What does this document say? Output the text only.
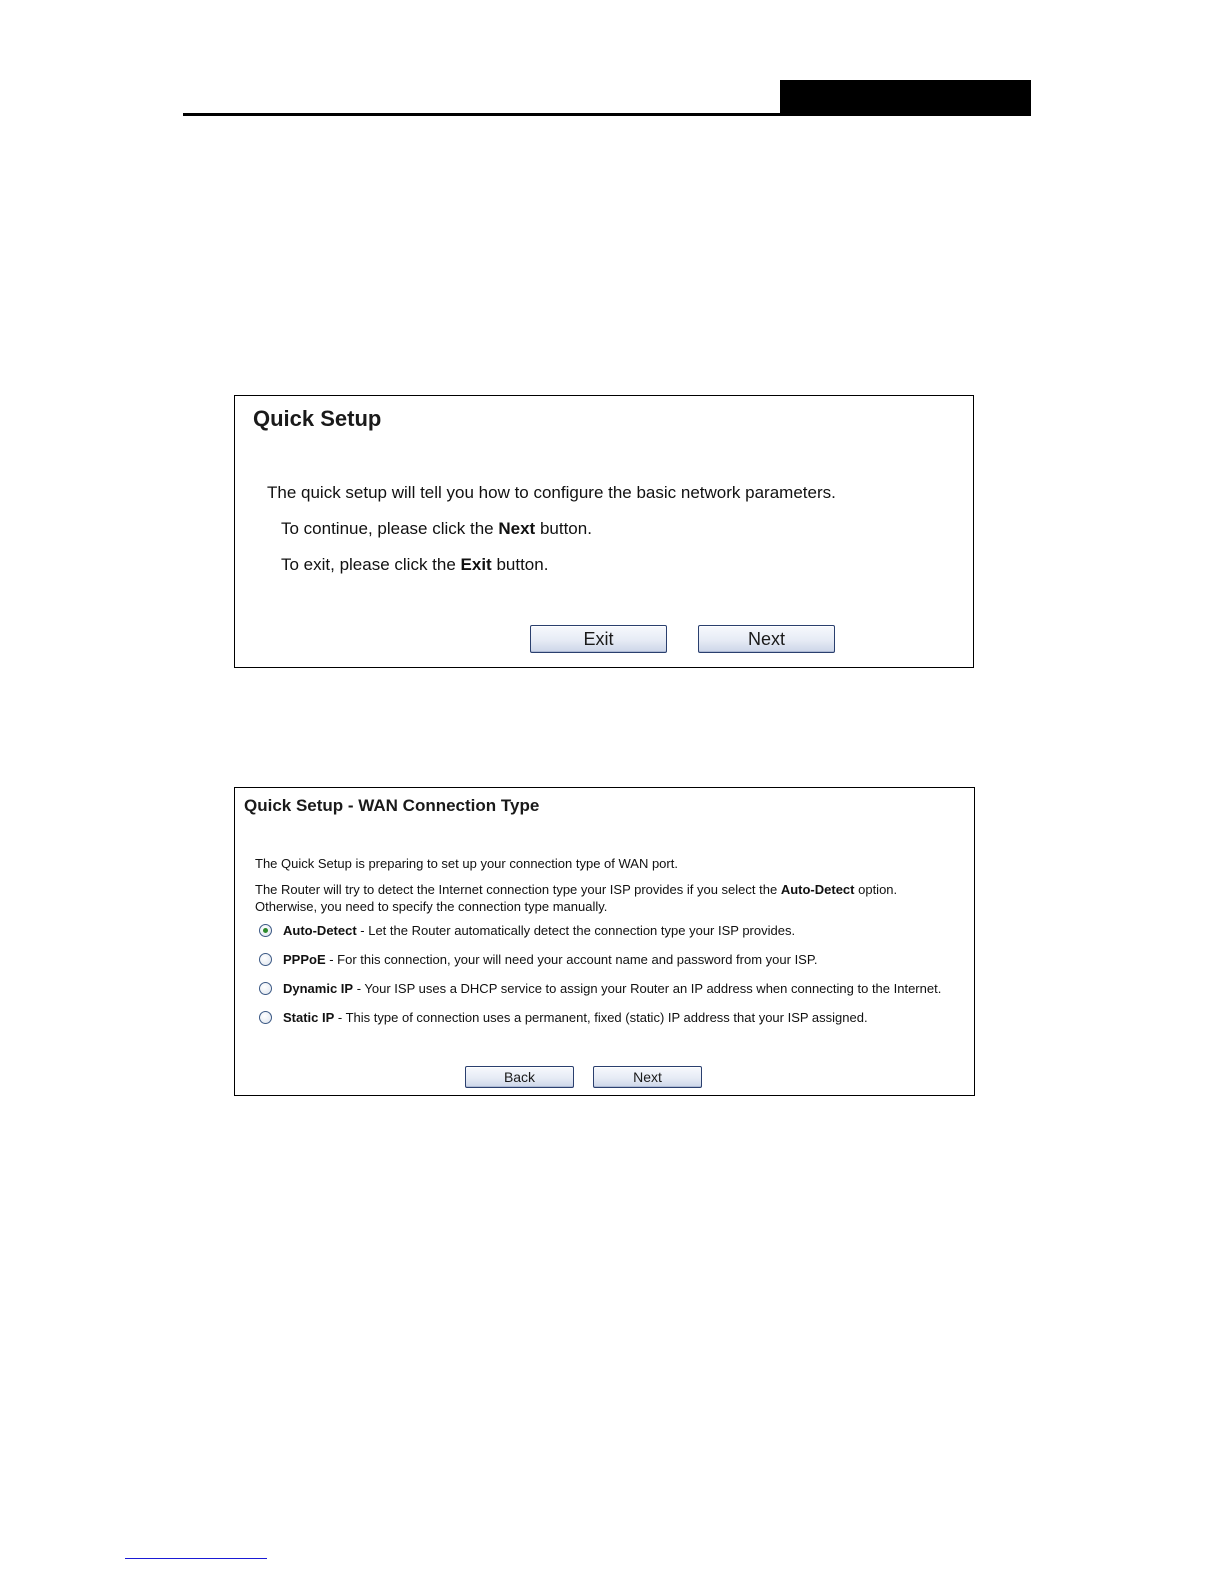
Quick Setup
The quick setup will tell you how to configure the basic network parameters.
To continue, please click the Next button.
To exit, please click the Exit button.
Exit	Next
Quick Setup - WAN Connection Type
The Quick Setup is preparing to set up your connection type of WAN port.
The Router will try to detect the Internet connection type your ISP provides if you select the Auto-Detect option.
Otherwise, you need to specify the connection type manually.
Auto-Detect - Let the Router automatically detect the connection type your ISP provides.
PPPoE - For this connection, your will need your account name and password from your ISP.
Dynamic IP - Your ISP uses a DHCP service to assign your Router an IP address when connecting to the Internet.
Static IP - This type of connection uses a permanent, fixed (static) IP address that your ISP assigned.
Back	Next
